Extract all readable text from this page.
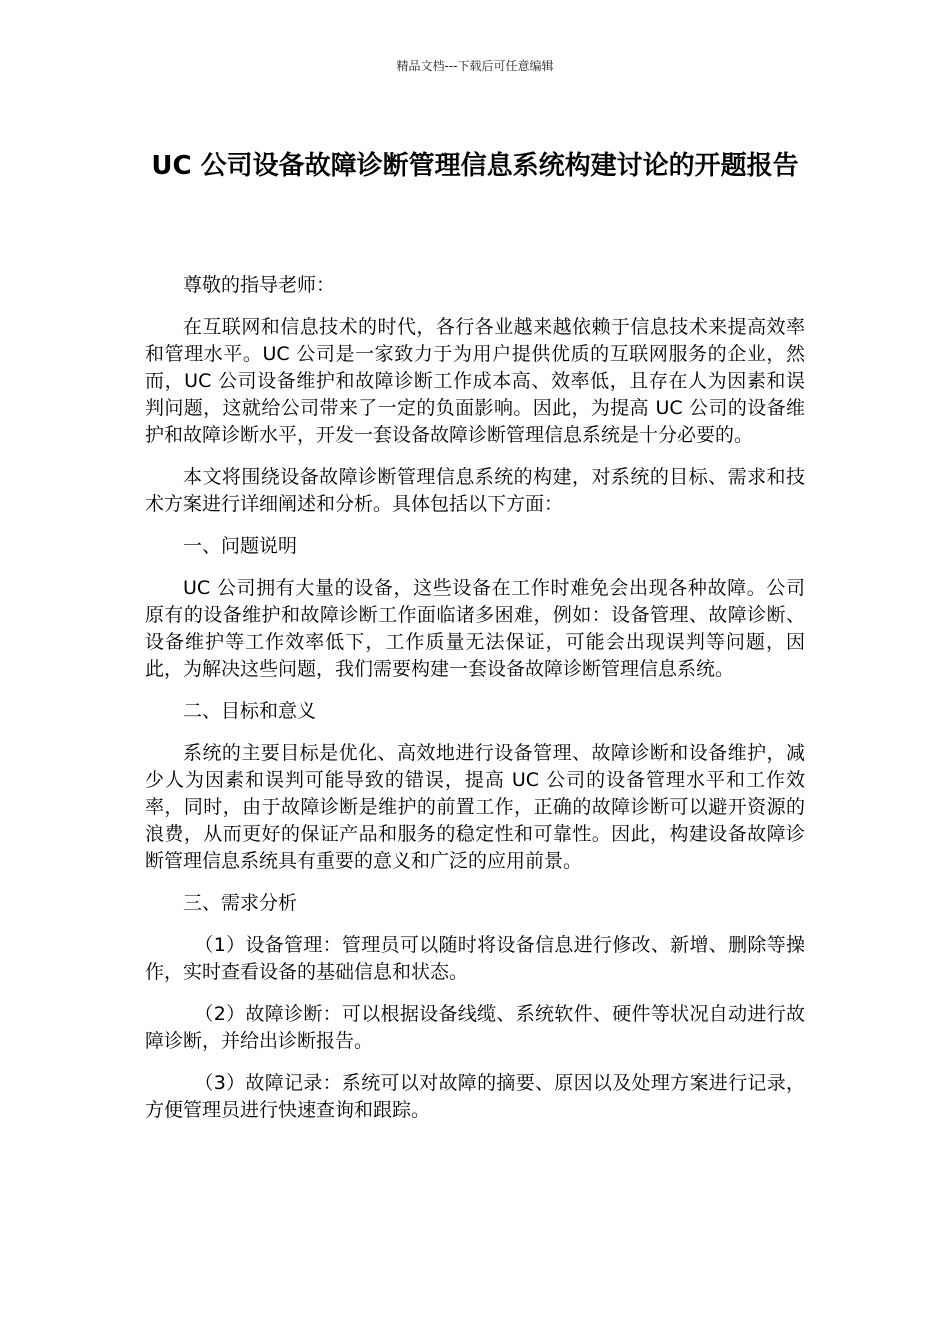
精品文档---下载后可任意编辑
UC 公司设备故障诊断管理信息系统构建讨论的开题报告

尊敬的指导老师：

在互联网和信息技术的时代，各行各业越来越依赖于信息技术来提高效率和管理水平。UC 公司是一家致力于为用户提供优质的互联网服务的企业，然而，UC 公司设备维护和故障诊断工作成本高、效率低，且存在人为因素和误判问题，这就给公司带来了一定的负面影响。因此，为提高 UC 公司的设备维护和故障诊断水平，开发一套设备故障诊断管理信息系统是十分必要的。

本文将围绕设备故障诊断管理信息系统的构建，对系统的目标、需求和技术方案进行详细阐述和分析。具体包括以下方面：

一、问题说明

UC 公司拥有大量的设备，这些设备在工作时难免会出现各种故障。公司原有的设备维护和故障诊断工作面临诸多困难，例如：设备管理、故障诊断、设备维护等工作效率低下，工作质量无法保证，可能会出现误判等问题，因此，为解决这些问题，我们需要构建一套设备故障诊断管理信息系统。

二、目标和意义

系统的主要目标是优化、高效地进行设备管理、故障诊断和设备维护，减少人为因素和误判可能导致的错误，提高 UC 公司的设备管理水平和工作效率，同时，由于故障诊断是维护的前置工作，正确的故障诊断可以避开资源的浪费，从而更好的保证产品和服务的稳定性和可靠性。因此，构建设备故障诊断管理信息系统具有重要的意义和广泛的应用前景。

三、需求分析

（1）设备管理：管理员可以随时将设备信息进行修改、新增、删除等操作，实时查看设备的基础信息和状态。

（2）故障诊断：可以根据设备线缆、系统软件、硬件等状况自动进行故障诊断，并给出诊断报告。

（3）故障记录：系统可以对故障的摘要、原因以及处理方案进行记录，方便管理员进行快速查询和跟踪。
